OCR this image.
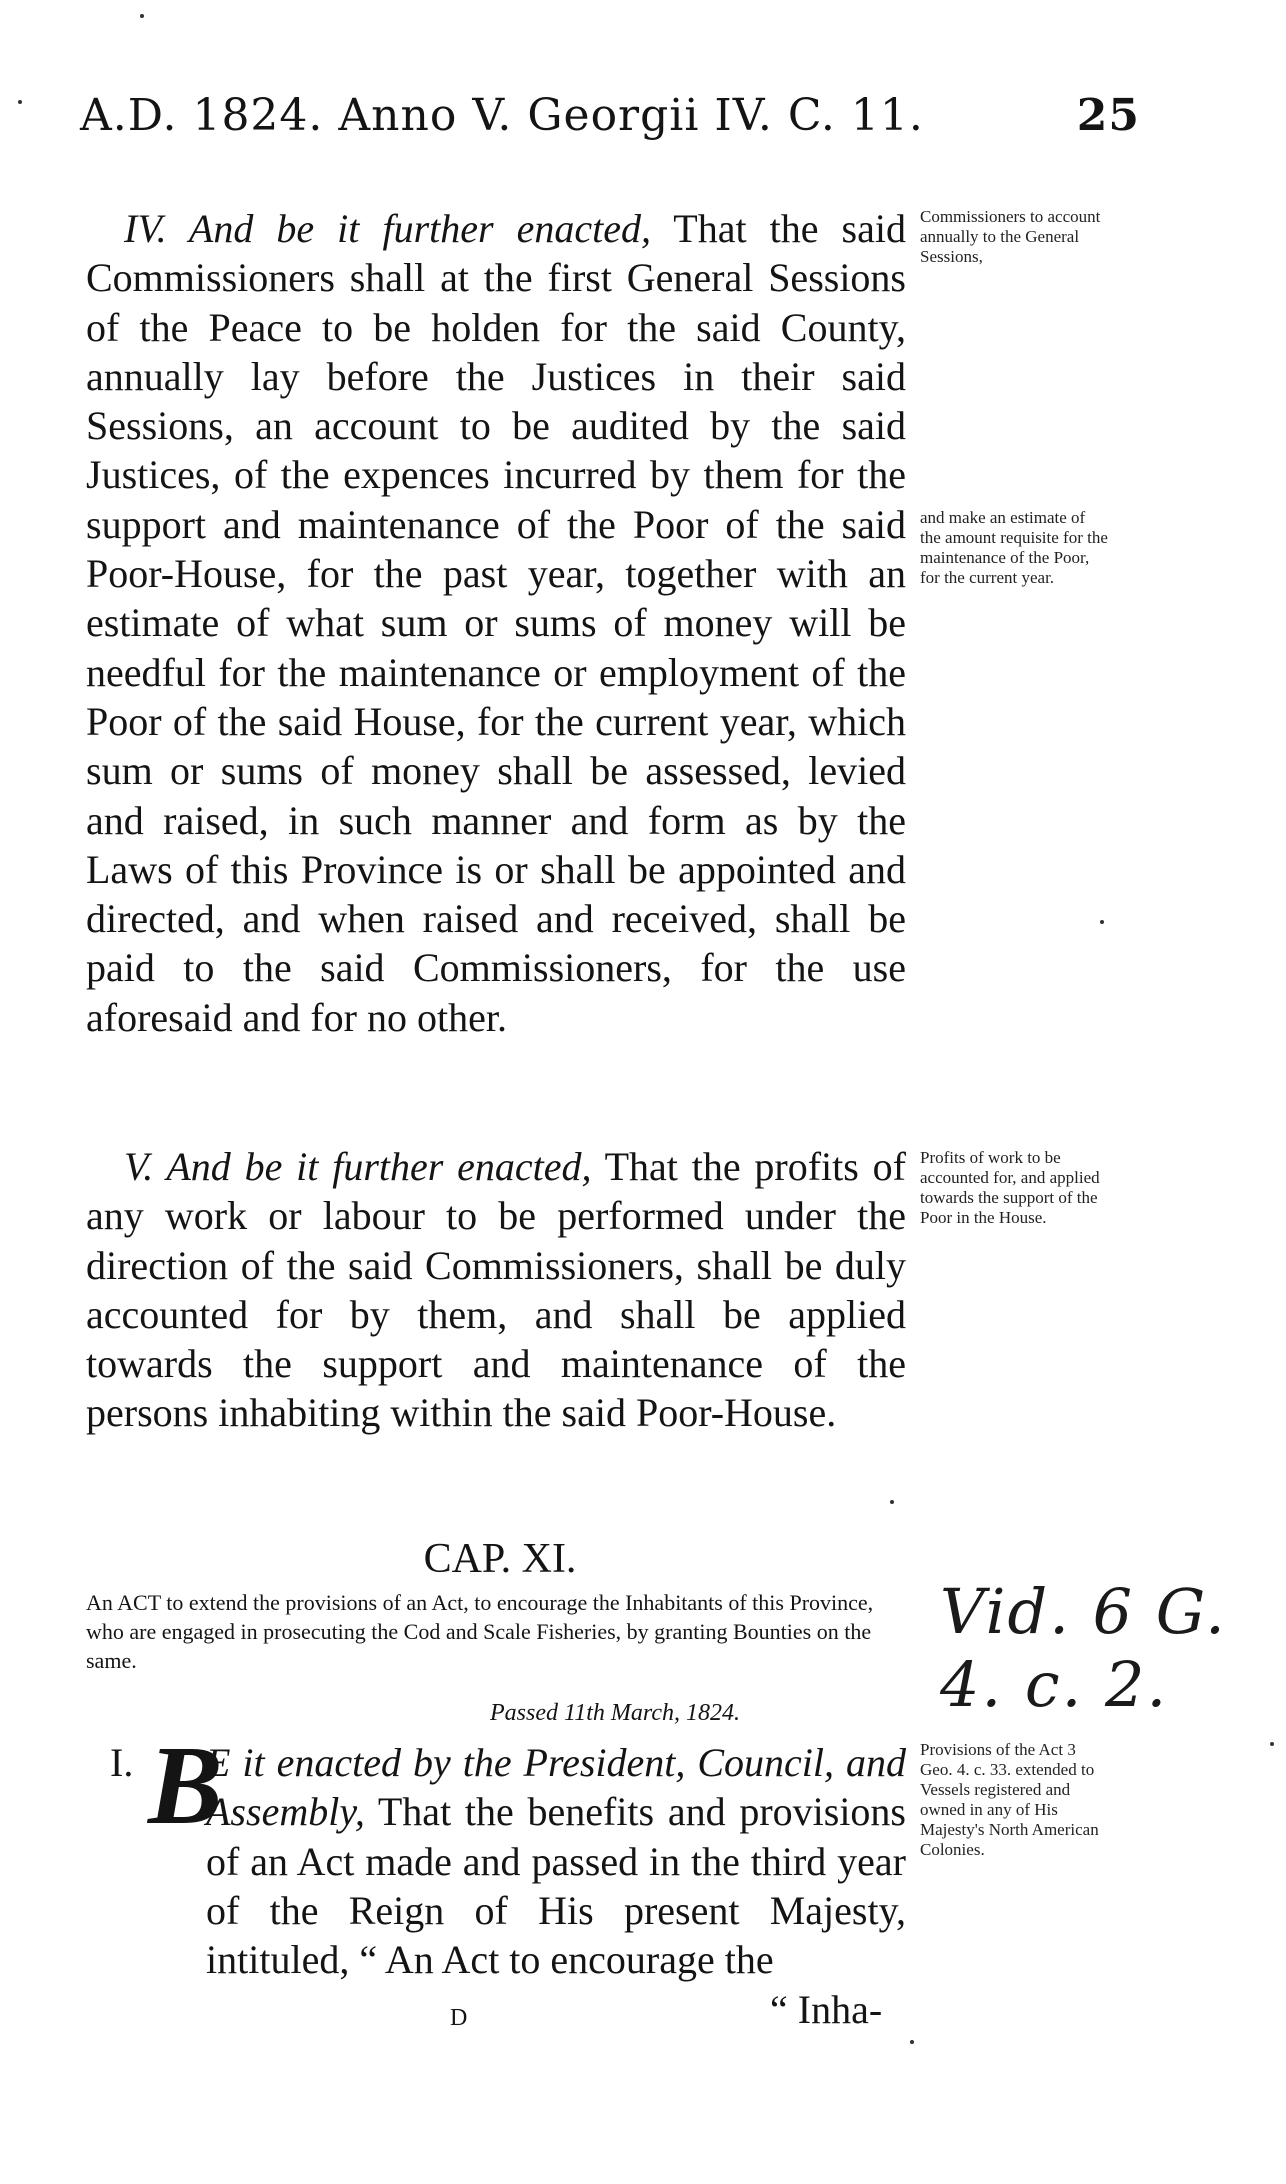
A.D. 1824. Anno V. Georgii IV. C. 11.	25

IV. And be it further enacted, That the said Commissioners shall at the first General Sessions of the Peace to be holden for the said County, annually lay before the Justices in their said Sessions, an account to be audited by the said Justices, of the expences incurred by them for the support and maintenance of the Poor of the said Poor-House, for the past year, together with an estimate of what sum or sums of money will be needful for the maintenance or employment of the Poor of the said House, for the current year, which sum or sums of money shall be assessed, levied and raised, in such manner and form as by the Laws of this Province is or shall be appointed and directed, and when raised and received, shall be paid to the said Commissioners, for the use aforesaid and for no other.

Commissioners to account annually to the General Sessions,
and make an estimate of the amount requisite for the maintenance of the Poor, for the current year.

V. And be it further enacted, That the profits of any work or labour to be performed under the direction of the said Commissioners, shall be duly accounted for by them, and shall be applied towards the support and maintenance of the persons inhabiting within the said Poor-House.

Profits of work to be accounted for, and applied towards the support of the Poor in the House.
CAP. XI.
An ACT to extend the provisions of an Act, to encourage the Inhabitants of this Province, who are engaged in prosecuting the Cod and Scale Fisheries, by granting Bounties on the same.
Passed 11th March, 1824.
Vid. 6 G. 4. c. 2.
I. B

E it enacted by the President, Council, and Assembly, That the benefits and provisions of an Act made and passed in the third year of the Reign of His present Majesty, intituled, “ An Act to encourage the

Provisions of the Act 3 Geo. 4. c. 33. extended to Vessels registered and owned in any of His Majesty's North American Colonies.
D	“ Inha-
